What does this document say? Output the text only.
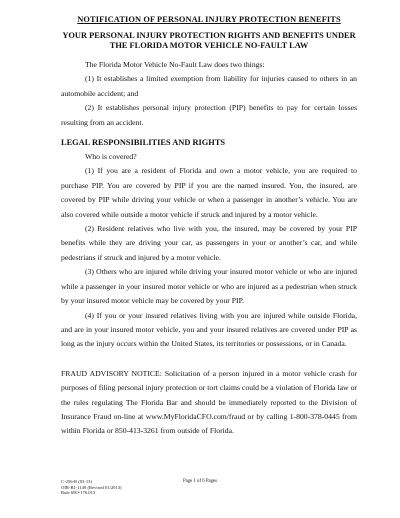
NOTIFICATION OF PERSONAL INJURY PROTECTION BENEFITS
YOUR PERSONAL INJURY PROTECTION RIGHTS AND BENEFITS UNDER
THE FLORIDA MOTOR VEHICLE NO-FAULT LAW

The Florida Motor Vehicle No-Fault Law does two things:

(1) It establishes a limited exemption from liability for injuries caused to others in an automobile accident; and

(2) It establishes personal injury protection (PIP) benefits to pay for certain losses resulting from an accident.

LEGAL RESPONSIBILITIES AND RIGHTS

Who is covered?

(1) If you are a resident of Florida and own a motor vehicle, you are required to purchase PIP. You are covered by PIP if you are the named insured. You, the insured, are covered by PIP while driving your vehicle or when a passenger in another’s vehicle. You are also covered while outside a motor vehicle if struck and injured by a motor vehicle.

(2) Resident relatives who live with you, the insured, may be covered by your PIP benefits while they are driving your car, as passengers in your or another’s car, and while pedestrians if struck and injured by a motor vehicle.

(3) Others who are injured while driving your insured motor vehicle or who are injured while a passenger in your insured motor vehicle or who are injured as a pedestrian when struck by your insured motor vehicle may be covered by your PIP.

(4) If you or your insured relatives living with you are injured while outside Florida, and are in your insured motor vehicle, you and your insured relatives are covered under PIP as long as the injury occurs within the United States, its territories or possessions, or in Canada.

FRAUD ADVISORY NOTICE: Solicitation of a person injured in a motor vehicle crash for purposes of filing personal injury protection or tort claims could be a violation of Florida law or the rules regulating The Florida Bar and should be immediately reported to the Division of Insurance Fraud on-line at www.MyFloridaCFO.com/fraud or by calling 1-800-378-0445 from within Florida or 850-413-3261 from outside of Florida.

C-256-R (03-13)
OIR-B1-1149 (Revised 01/2013)
Rule 69O-176.013
Page 1 of 6 Pages
